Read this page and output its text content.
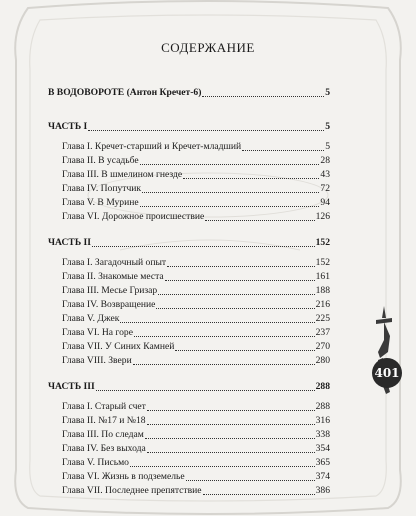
СОДЕРЖАНИЕ
В ВОДОВОРОТЕ (Антон Кречет-6)	5
ЧАСТЬ I	5
Глава I. Кречет-старший и Кречет-младший	5
Глава II. В усадьбе	28
Глава III. В шмелином гнезде	43
Глава IV. Попутчик	72
Глава V. В Мурине	94
Глава VI. Дорожное происшествие	126
ЧАСТЬ II	152
Глава I. Загадочный опыт	152
Глава II. Знакомые места	161
Глава III. Месье Гризар	188
Глава IV. Возвращение	216
Глава V. Джек	225
Глава VI. На горе	237
Глава VII. У Синих Камней	270
Глава VIII. Звери	280
ЧАСТЬ III	288
Глава I. Старый счет	288
Глава II. №17 и №18	316
Глава III. По следам	338
Глава IV. Без выхода	354
Глава V. Письмо	365
Глава VI. Жизнь в подземелье	374
Глава VII. Последнее препятствие	386
401
